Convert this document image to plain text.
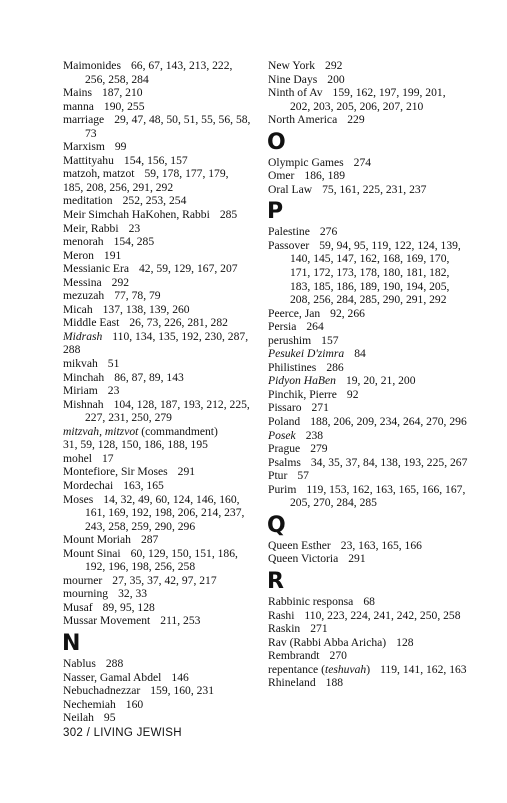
Maimonides 66, 67, 143, 213, 222, 256, 258, 284
Mains 187, 210
manna 190, 255
marriage 29, 47, 48, 50, 51, 55, 56, 58, 73
Marxism 99
Mattityahu 154, 156, 157
matzoh, matzot 59, 178, 177, 179,
185, 208, 256, 291, 292
meditation 252, 253, 254
Meir Simchah HaKohen, Rabbi 285
Meir, Rabbi 23
menorah 154, 285
Meron 191
Messianic Era 42, 59, 129, 167, 207
Messina 292
mezuzah 77, 78, 79
Micah 137, 138, 139, 260
Middle East 26, 73, 226, 281, 282
Midrash 110, 134, 135, 192, 230, 287,
288
mikvah 51
Minchah 86, 87, 89, 143
Miriam 23
Mishnah 104, 128, 187, 193, 212, 225, 227, 231, 250, 279
mitzvah, mitzvot (commandment)
31, 59, 128, 150, 186, 188, 195
mohel 17
Montefiore, Sir Moses 291
Mordechai 163, 165
Moses 14, 32, 49, 60, 124, 146, 160, 161, 169, 192, 198, 206, 214, 237, 243, 258, 259, 290, 296
Mount Moriah 287
Mount Sinai 60, 129, 150, 151, 186, 192, 196, 198, 256, 258
mourner 27, 35, 37, 42, 97, 217
mourning 32, 33
Musaf 89, 95, 128
Mussar Movement 211, 253
N
Nablus 288
Nasser, Gamal Abdel 146
Nebuchadnezzar 159, 160, 231
Nechemiah 160
Neilah 95
New York 292
Nine Days 200
Ninth of Av 159, 162, 197, 199, 201, 202, 203, 205, 206, 207, 210
North America 229
O
Olympic Games 274
Omer 186, 189
Oral Law 75, 161, 225, 231, 237
P
Palestine 276
Passover 59, 94, 95, 119, 122, 124, 139, 140, 145, 147, 162, 168, 169, 170, 171, 172, 173, 178, 180, 181, 182, 183, 185, 186, 189, 190, 194, 205, 208, 256, 284, 285, 290, 291, 292
Peerce, Jan 92, 266
Persia 264
perushim 157
Pesukei D'zimra 84
Philistines 286
Pidyon HaBen 19, 20, 21, 200
Pinchik, Pierre 92
Pissaro 271
Poland 188, 206, 209, 234, 264, 270, 296
Posek 238
Prague 279
Psalms 34, 35, 37, 84, 138, 193, 225, 267
Ptur 57
Purim 119, 153, 162, 163, 165, 166, 167, 205, 270, 284, 285
Q
Queen Esther 23, 163, 165, 166
Queen Victoria 291
R
Rabbinic responsa 68
Rashi 110, 223, 224, 241, 242, 250, 258
Raskin 271
Rav (Rabbi Abba Aricha) 128
Rembrandt 270
repentance (teshuvah) 119, 141, 162, 163
Rhineland 188
302 / LIVING JEWISH
